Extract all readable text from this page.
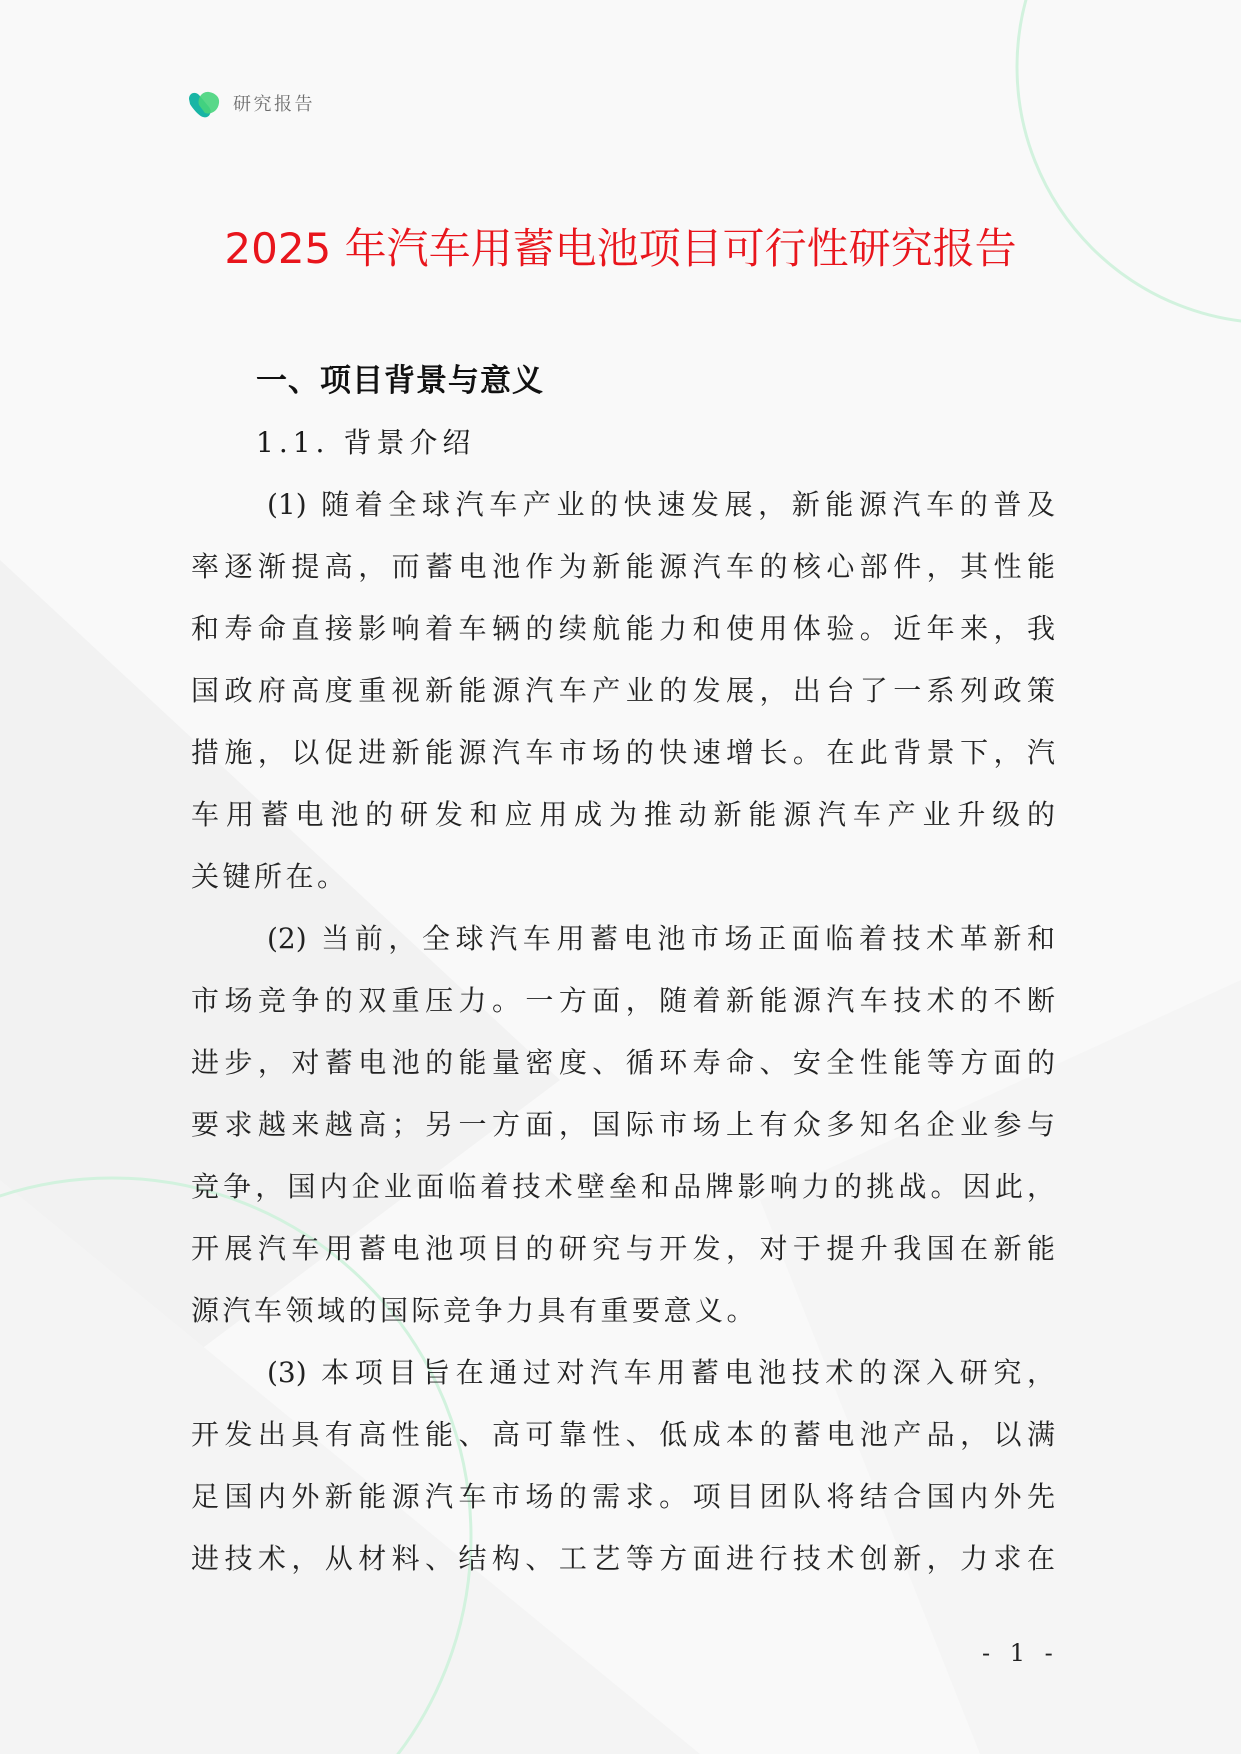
研究报告
2025 年汽车用蓄电池项目可行性研究报告
一、项目背景与意义
1.1. 背景介绍
(1) 随着全球汽车产业的快速发展，新能源汽车的普及
率逐渐提高，而蓄电池作为新能源汽车的核心部件，其性能
和寿命直接影响着车辆的续航能力和使用体验。近年来，我
国政府高度重视新能源汽车产业的发展，出台了一系列政策
措施，以促进新能源汽车市场的快速增长。在此背景下，汽
车用蓄电池的研发和应用成为推动新能源汽车产业升级的
关键所在。
(2) 当前，全球汽车用蓄电池市场正面临着技术革新和
市场竞争的双重压力。一方面，随着新能源汽车技术的不断
进步，对蓄电池的能量密度、循环寿命、安全性能等方面的
要求越来越高；另一方面，国际市场上有众多知名企业参与
竞争，国内企业面临着技术壁垒和品牌影响力的挑战。因此，
开展汽车用蓄电池项目的研究与开发，对于提升我国在新能
源汽车领域的国际竞争力具有重要意义。
(3) 本项目旨在通过对汽车用蓄电池技术的深入研究，
开发出具有高性能、高可靠性、低成本的蓄电池产品，以满
足国内外新能源汽车市场的需求。项目团队将结合国内外先
进技术，从材料、结构、工艺等方面进行技术创新，力求在
- 1 -
